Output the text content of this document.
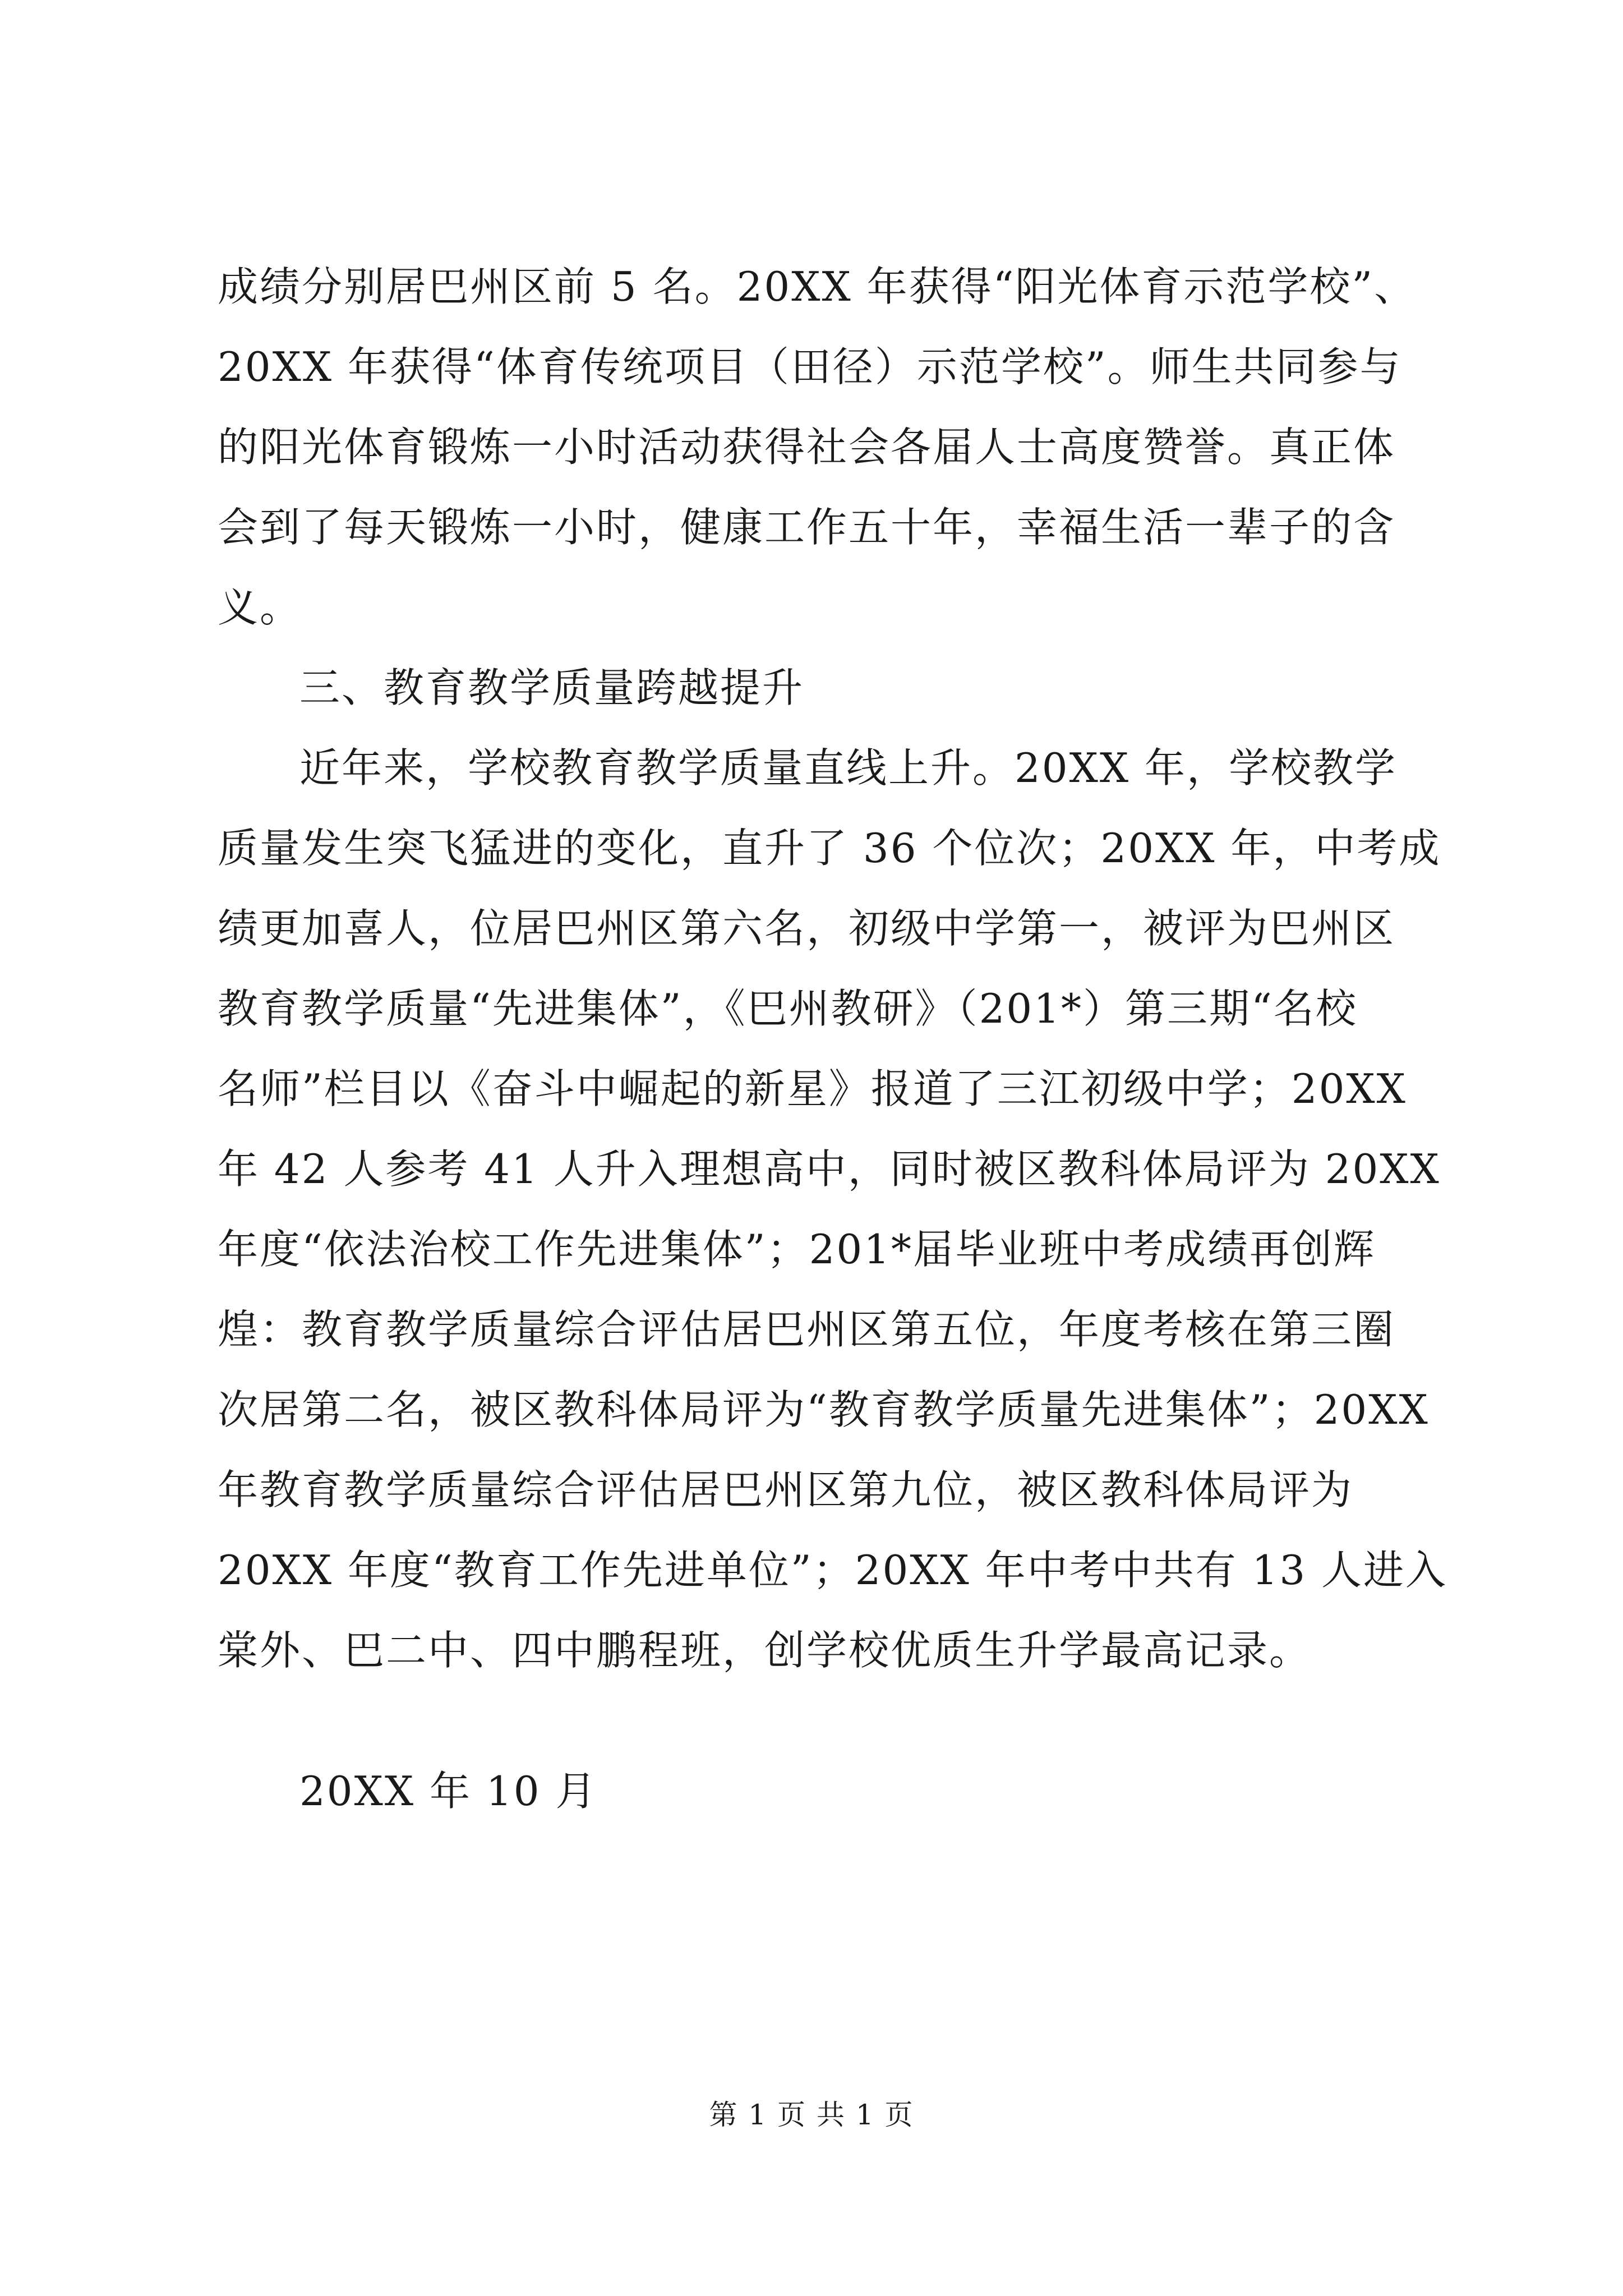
成绩分别居巴州区前 5 名。20XX 年获得“阳光体育示范学校”、
20XX 年获得“体育传统项目（田径）示范学校”。师生共同参与
的阳光体育锻炼一小时活动获得社会各届人士高度赞誉。真正体
会到了每天锻炼一小时，健康工作五十年，幸福生活一辈子的含
义。
三、教育教学质量跨越提升
近年来，学校教育教学质量直线上升。20XX 年，学校教学
质量发生突飞猛进的变化，直升了 36 个位次；20XX 年，中考成
绩更加喜人，位居巴州区第六名，初级中学第一，被评为巴州区
教育教学质量“先进集体”，《巴州教研》（201*）第三期“名校
名师”栏目以《奋斗中崛起的新星》报道了三江初级中学；20XX
年 42 人参考 41 人升入理想高中，同时被区教科体局评为 20XX
年度“依法治校工作先进集体”；201*届毕业班中考成绩再创辉
煌：教育教学质量综合评估居巴州区第五位，年度考核在第三圈
次居第二名，被区教科体局评为“教育教学质量先进集体”；20XX
年教育教学质量综合评估居巴州区第九位，被区教科体局评为
20XX 年度“教育工作先进单位”；20XX 年中考中共有 13 人进入
棠外、巴二中、四中鹏程班，创学校优质生升学最高记录。
20XX 年 10 月
第 1 页 共 1 页
